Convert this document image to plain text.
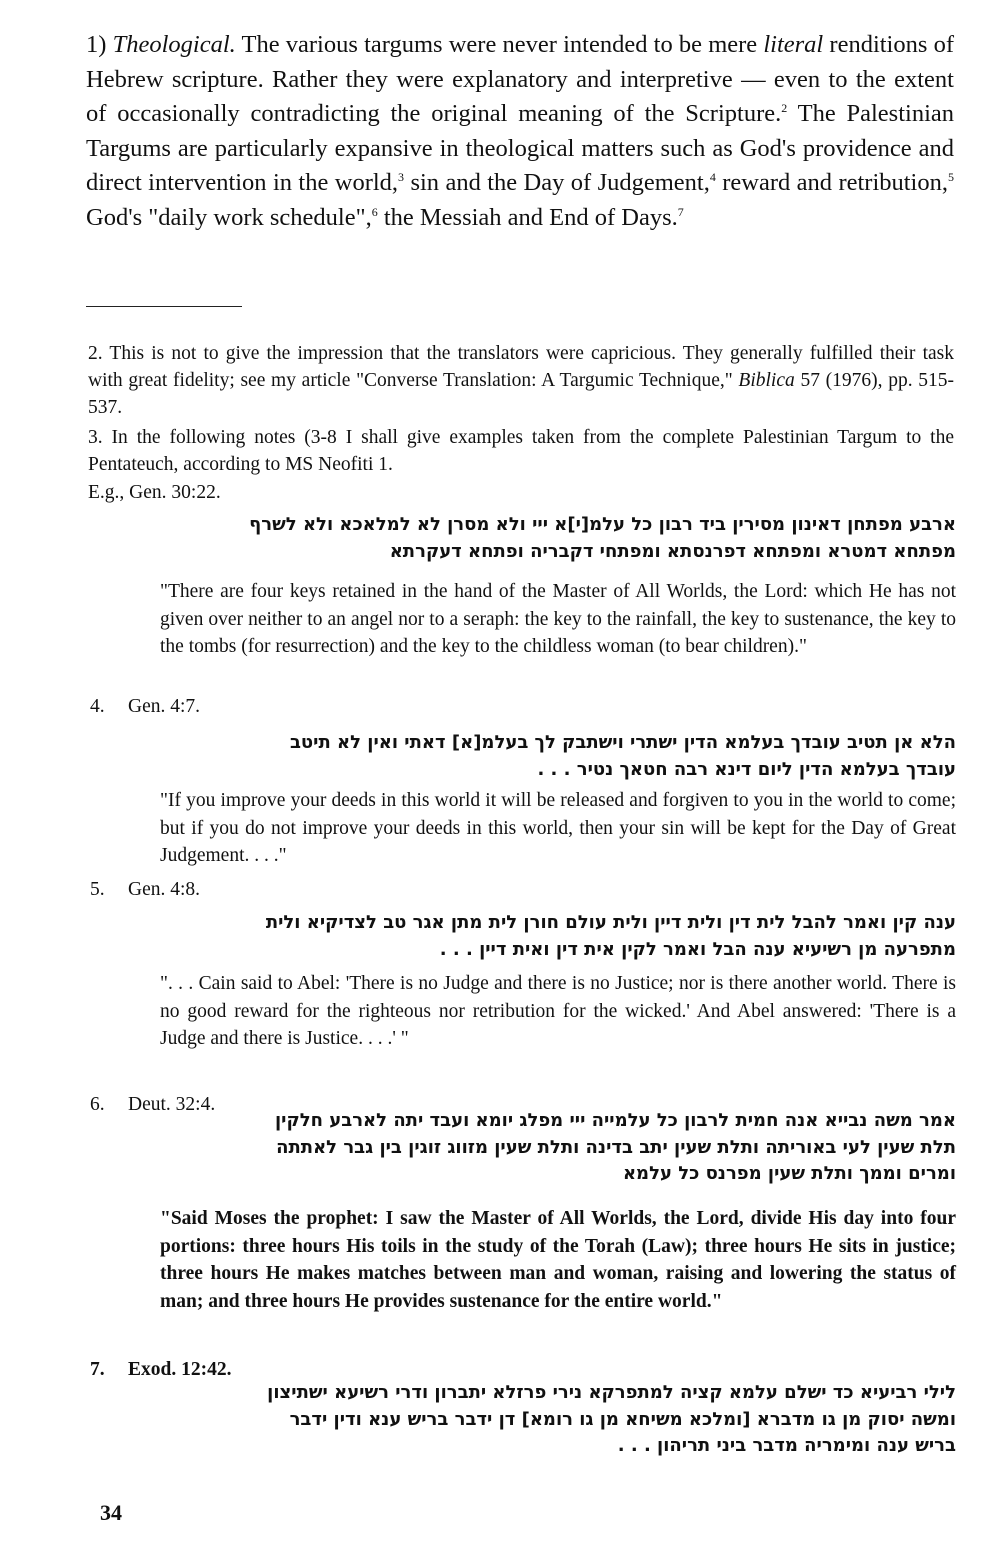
1) Theological. The various targums were never intended to be mere literal renditions of Hebrew scripture. Rather they were explanatory and interpretive — even to the extent of occasionally contradicting the original meaning of the Scripture.$^2$ The Palestinian Targums are particularly expansive in theological matters such as God's providence and direct intervention in the world,$^3$ sin and the Day of Judgement,$^4$ reward and retribution,$^5$ God's "daily work schedule",$^6$ the Messiah and End of Days.$^7$
2. This is not to give the impression that the translators were capricious. They generally fulfilled their task with great fidelity; see my article "Converse Translation: A Targumic Technique," Biblica 57 (1976), pp. 515-537.
3. In the following notes (3-8 I shall give examples taken from the complete Palestinian Targum to the Pentateuch, according to MS Neofiti 1.
E.g., Gen. 30:22.
ארבע מפתחן דאינון מסירין ביד רבון כל עלמ[י]א ייי ולא מסרן לא למלאכא ולא לשרף
מפתחא דמטרא ומפתחא דפרנסתא ומפתחי דקבריה ופתחא דעקרתא
"There are four keys retained in the hand of the Master of All Worlds, the Lord: which He has not given over neither to an angel nor to a seraph: the key to the rainfall, the key to sustenance, the key to the tombs (for resurrection) and the key to the childless woman (to bear children)."
4. Gen. 4:7.
הלא אן תטיב עובדך בעלמא הדין ישתרי וישתבק לך בעלמ[א] דאתי ואין לא תיטב
עובדך בעלמא הדין ליום דינא רבה חטאך נטיר . . .
"If you improve your deeds in this world it will be released and forgiven to you in the world to come; but if you do not improve your deeds in this world, then your sin will be kept for the Day of Great Judgement. . . ."
5. Gen. 4:8.
ענה קין ואמר להבל לית דין ולית דיין ולית עולם חורן לית מתן אגר טב לצדיקיא ולית
מתפרעה מן רשיעיא ענה הבל ואמר לקין אית דין ואית דיין . . .
". . . Cain said to Abel: 'There is no Judge and there is no Justice; nor is there another world. There is no good reward for the righteous nor retribution for the wicked.' And Abel answered: 'There is a Judge and there is Justice. . . .' "
6. Deut. 32:4.
אמר משה נבייא אנה חמית לרבון כל עלמייה ייי מפלג יומא ועבד יתה לארבע חלקין
תלת שעין לעי באוריתה ותלת שעין יתב בדינה ותלת שעין מזווג זוגין בין גבר לאתתה
ומרים וממך ותלת שעין מפרנס כל עלמא
"Said Moses the prophet: I saw the Master of All Worlds, the Lord, divide His day into four portions: three hours His toils in the study of the Torah (Law); three hours He sits in justice; three hours He makes matches between man and woman, raising and lowering the status of man; and three hours He provides sustenance for the entire world."
7. Exod. 12:42.
לילי רביעיא כד ישלם עלמא קציה למתפרקא נירי פרזלא יתברון ודרי רשיעא ישתיצון
ומשה יסוק מן גו מדברא [ומלכא משיחא מן גו רומא] דן ידבר בריש ענא ודין ידבר
בריש ענה ומימריה מדבר ביני תריהון . . .
34
